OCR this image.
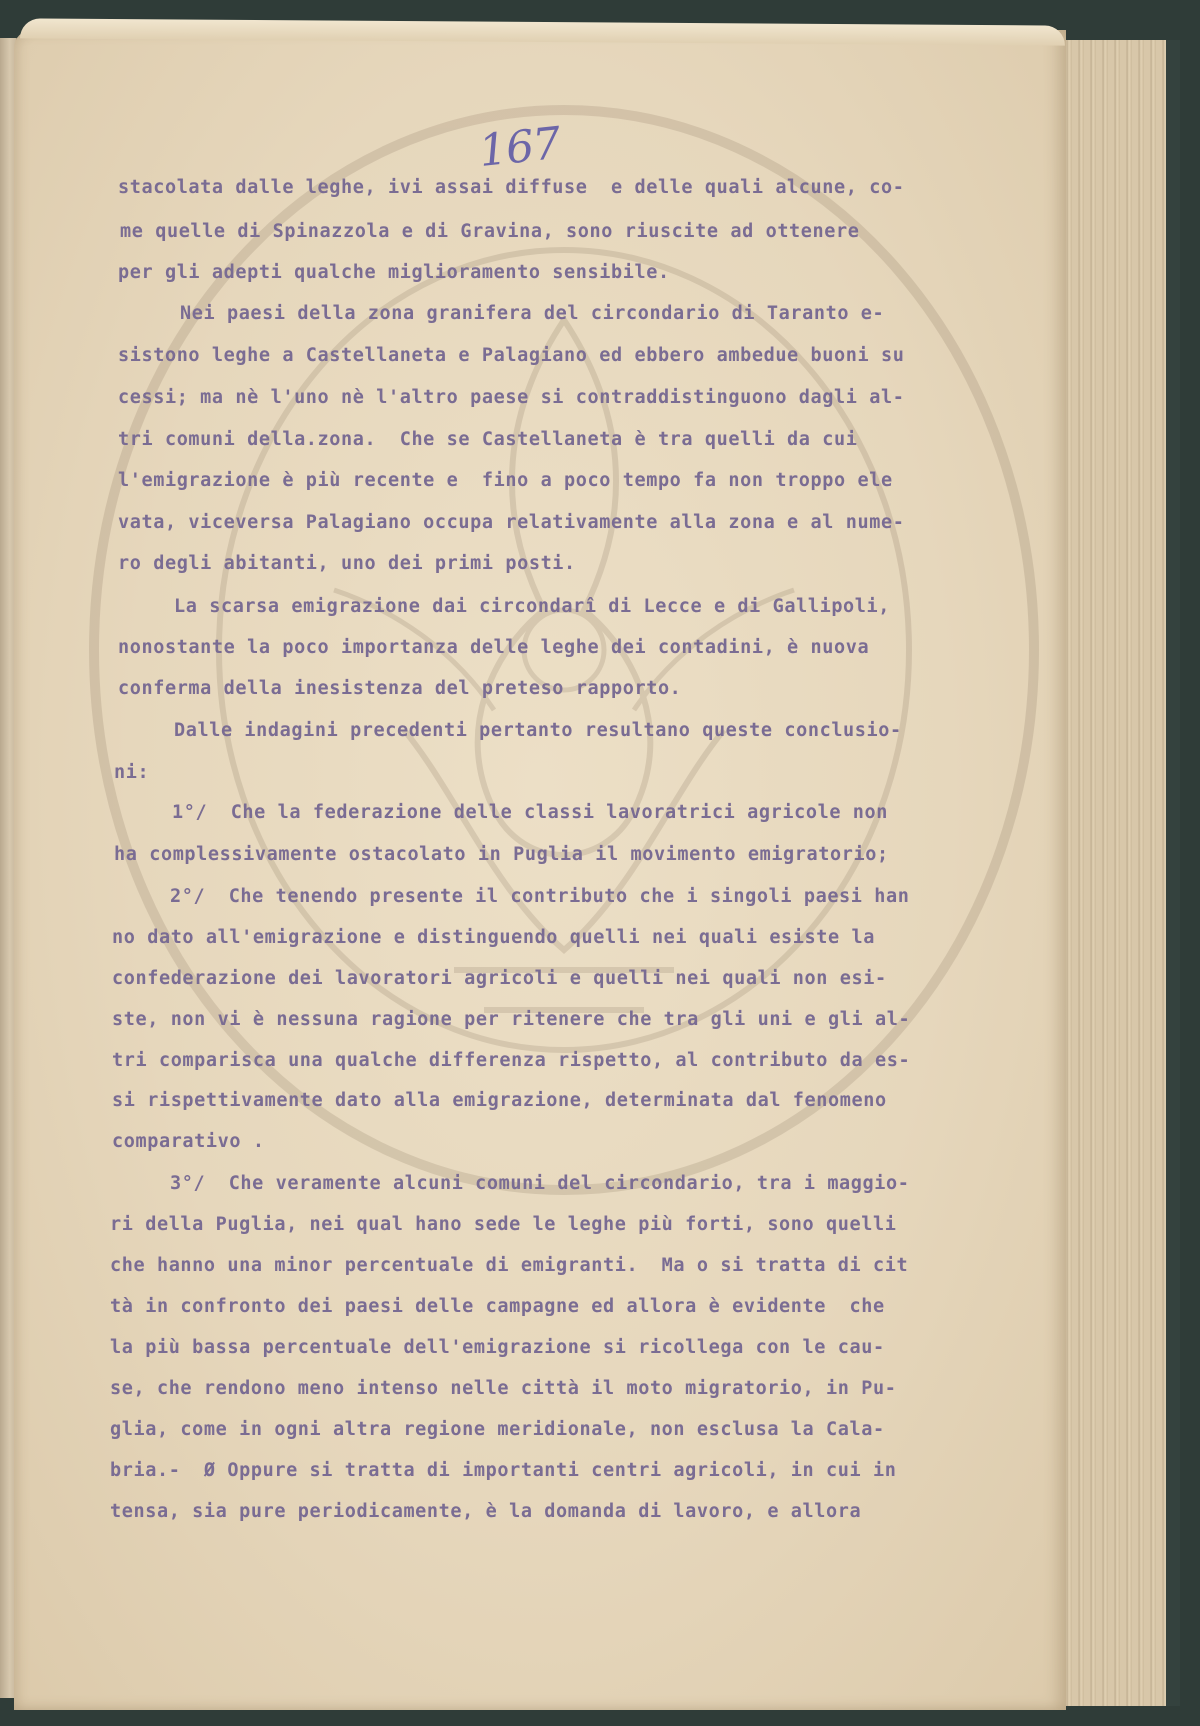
167
stacolata dalle leghe, ivi assai diffuse  e delle quali alcune, co-
me quelle di Spinazzola e di Gravina, sono riuscite ad ottenere
per gli adepti qualche miglioramento sensibile.
Nei paesi della zona granifera del circondario di Taranto e-
sistono leghe a Castellaneta e Palagiano ed ebbero ambedue buoni su
cessi; ma nè l'uno nè l'altro paese si contraddistinguono dagli al-
tri comuni della.zona.  Che se Castellaneta è tra quelli da cui
l'emigrazione è più recente e  fino a poco tempo fa non troppo ele
vata, viceversa Palagiano occupa relativamente alla zona e al nume-
ro degli abitanti, uno dei primi posti.
La scarsa emigrazione dai circondarî di Lecce e di Gallipoli,
nonostante la poco importanza delle leghe dei contadini, è nuova
conferma della inesistenza del preteso rapporto.
Dalle indagini precedenti pertanto resultano queste conclusio-
ni:
1°/  Che la federazione delle classi lavoratrici agricole non
ha complessivamente ostacolato in Puglia il movimento emigratorio;
2°/  Che tenendo presente il contributo che i singoli paesi han
no dato all'emigrazione e distinguendo quelli nei quali esiste la
confederazione dei lavoratori agricoli e quelli nei quali non esi-
ste, non vi è nessuna ragione per ritenere che tra gli uni e gli al-
tri comparisca una qualche differenza rispetto, al contributo da es-
si rispettivamente dato alla emigrazione, determinata dal fenomeno
comparativo .
3°/  Che veramente alcuni comuni del circondario, tra i maggio-
ri della Puglia, nei qual hano sede le leghe più forti, sono quelli
che hanno una minor percentuale di emigranti.  Ma o si tratta di cit
tà in confronto dei paesi delle campagne ed allora è evidente  che
la più bassa percentuale dell'emigrazione si ricollega con le cau-
se, che rendono meno intenso nelle città il moto migratorio, in Pu-
glia, come in ogni altra regione meridionale, non esclusa la Cala-
bria.-  Ø Oppure si tratta di importanti centri agricoli, in cui in
tensa, sia pure periodicamente, è la domanda di lavoro, e allora
